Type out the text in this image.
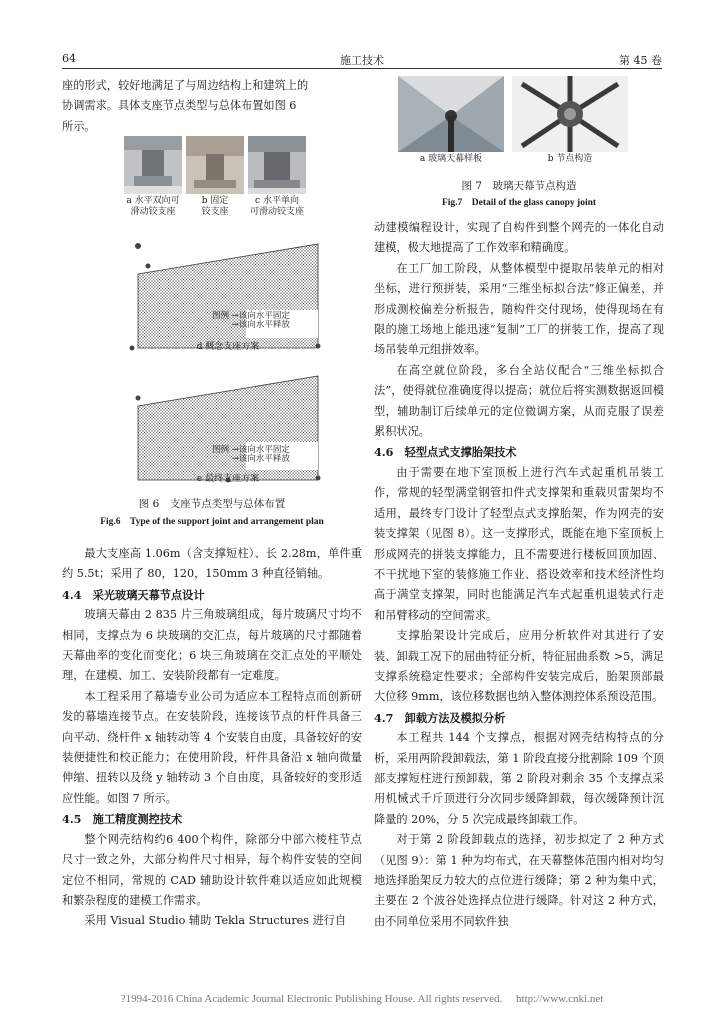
64	施工技术	第 45 卷
座的形式，较好地满足了与周边结构上和建筑上的
协调需求。具体支座节点类型与总体布置如图 6
所示。
a 水平双向可
滑动铰支座
b 固定
铰支座
c 水平单向
可滑动铰支座
图例 →该向水平固定
→该向水平释放
d 概念支座方案
图例 →该向水平固定
→该向水平释放
e 最终支座方案
图 6　支座节点类型与总体布置
Fig.6　Type of the support joint and arrangement plan

最大支座高 1.06m（含支撑短柱）、长 2.28m，单件重约 5.5t；采用了 80，120，150mm 3 种直径销轴。

4.4　采光玻璃天幕节点设计

玻璃天幕由 2 835 片三角玻璃组成，每片玻璃尺寸均不相同，支撑点为 6 块玻璃的交汇点，每片玻璃的尺寸都随着天幕曲率的变化而变化；6 块三角玻璃在交汇点处的平顺处理，在建模、加工、安装阶段都有一定难度。

本工程采用了幕墙专业公司为适应本工程特点而创新研发的幕墙连接节点。在安装阶段，连接该节点的杆件具备三向平动、绕杆件 x 轴转动等 4 个安装自由度，具备较好的安装便捷性和校正能力；在使用阶段，杆件具备沿 x 轴向微量伸缩、扭转以及绕 y 轴转动 3 个自由度，具备较好的变形适应性能。如图 7 所示。

4.5　施工精度测控技术

整个网壳结构约6 400个构件，除部分中部六棱柱节点尺寸一致之外，大部分构件尺寸相异，每个构件安装的空间定位不相同，常规的 CAD 辅助设计软件难以适应如此规模和繁杂程度的建模工作需求。

采用 Visual Studio 辅助 Tekla Structures 进行自

a 玻璃天幕样板	b 节点构造
图 7　玻璃天幕节点构造
Fig.7　Detail of the glass canopy joint

动建模编程设计，实现了自构件到整个网壳的一体化自动建模，极大地提高了工作效率和精确度。

在工厂加工阶段，从整体模型中提取吊装单元的相对坐标，进行预拼装，采用“三维坐标拟合法”修正偏差，并形成测校偏差分析报告，随构件交付现场，使得现场在有限的施工场地上能迅速“复制”工厂的拼装工作，提高了现场吊装单元组拼效率。

在高空就位阶段，多台全站仪配合“三维坐标拟合法”，使得就位准确度得以提高；就位后将实测数据返回模型，辅助制订后续单元的定位微调方案，从而克服了误差累积状况。

4.6　轻型点式支撑胎架技术

由于需要在地下室顶板上进行汽车式起重机吊装工作，常规的轻型满堂钢管扣件式支撑架和重载贝雷架均不适用，最终专门设计了轻型点式支撑胎架，作为网壳的安装支撑架（见图 8）。这一支撑形式，既能在地下室顶板上形成网壳的拼装支撑能力，且不需要进行楼板回顶加固、不干扰地下室的装修施工作业、搭设效率和技术经济性均高于满堂支撑架，同时也能满足汽车式起重机退装式行走和吊臂移动的空间需求。

支撑胎架设计完成后，应用分析软件对其进行了安装、卸载工况下的屈曲特征分析，特征屈曲系数 >5，满足支撑系统稳定性要求；全部构件安装完成后，胎架顶部最大位移 9mm，该位移数据也纳入整体测控体系预设范围。

4.7　卸载方法及模拟分析

本工程共 144 个支撑点，根据对网壳结构特点的分析，采用两阶段卸载法，第 1 阶段直接分批割除 109 个顶部支撑短柱进行预卸载，第 2 阶段对剩余 35 个支撑点采用机械式千斤顶进行分次同步缓降卸载，每次缓降预计沉降量的 20%，分 5 次完成最终卸载工作。

对于第 2 阶段卸载点的选择，初步拟定了 2 种方式（见图 9）：第 1 种为均布式，在天幕整体范围内相对均匀地选择胎架反力较大的点位进行缓降；第 2 种为集中式，主要在 2 个波谷处选择点位进行缓降。针对这 2 种方式，由不同单位采用不同软件独

?1994-2016 China Academic Journal Electronic Publishing House. All rights reserved.　 http://www.cnki.net
